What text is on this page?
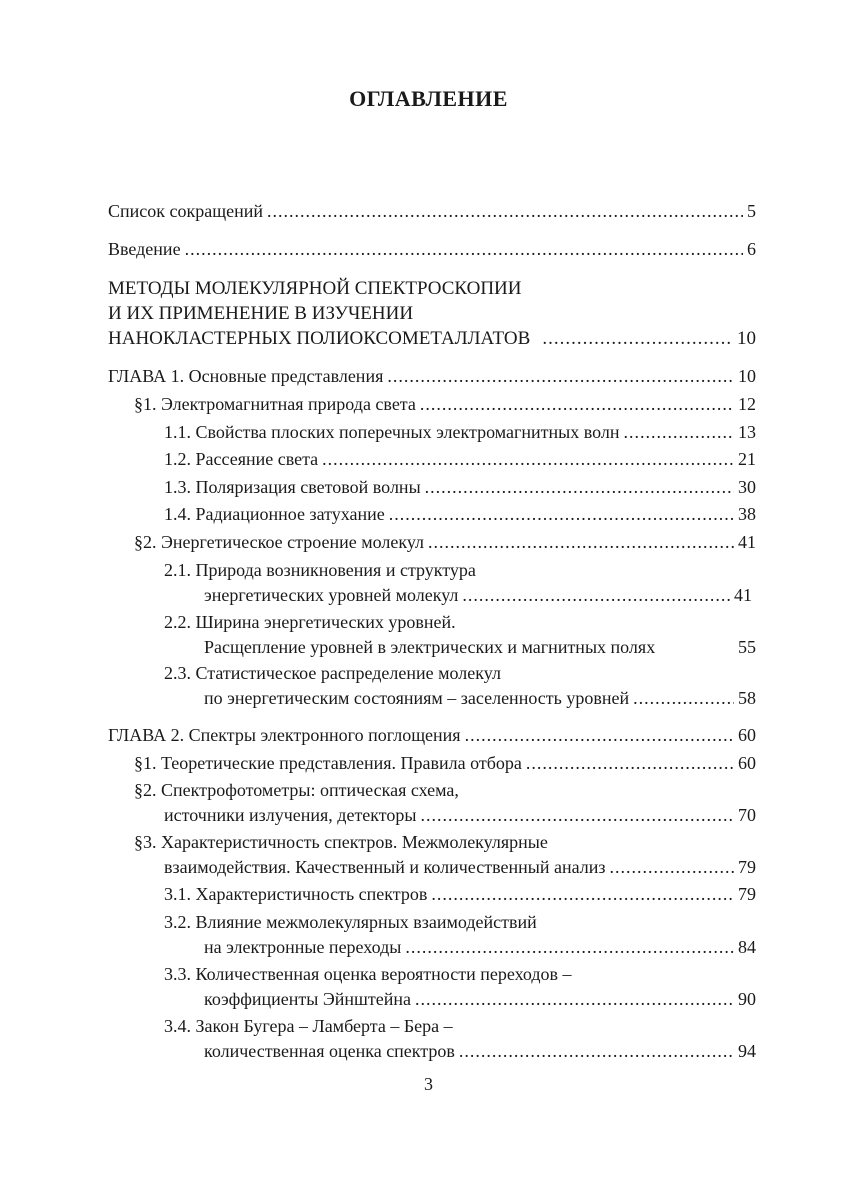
ОГЛАВЛЕНИЕ
Список сокращений .....	5
Введение .....	6
МЕТОДЫ МОЛЕКУЛЯРНОЙ СПЕКТРОСКОПИИ
И ИХ ПРИМЕНЕНИЕ В ИЗУЧЕНИИ
НАНОКЛАСТЕРНЫХ ПОЛИОКСОМЕТАЛЛАТОВ .....	10
ГЛАВА 1. Основные представления .....	10
§1. Электромагнитная природа света .....	12
1.1. Свойства плоских поперечных электромагнитных волн .....	13
1.2. Рассеяние света .....	21
1.3. Поляризация световой волны .....	30
1.4. Радиационное затухание .....	38
§2. Энергетическое строение молекул .....	41
2.1. Природа возникновения и структура
энергетических уровней молекул .....	41
2.2. Ширина энергетических уровней.
Расщепление уровней в электрических и магнитных полях	55
2.3. Статистическое распределение молекул
по энергетическим состояниям – заселенность уровней .....	58
ГЛАВА 2. Спектры электронного поглощения .....	60
§1. Теоретические представления. Правила отбора .....	60
§2. Спектрофотометры: оптическая схема,
источники излучения, детекторы .....	70
§3. Характеристичность спектров. Межмолекулярные
взаимодействия. Качественный и количественный анализ .....	79
3.1. Характеристичность спектров .....	79
3.2. Влияние межмолекулярных взаимодействий
на электронные переходы .....	84
3.3. Количественная оценка вероятности переходов –
коэффициенты Эйнштейна .....	90
3.4. Закон Бугера – Ламберта – Бера –
количественная оценка спектров .....	94
3
